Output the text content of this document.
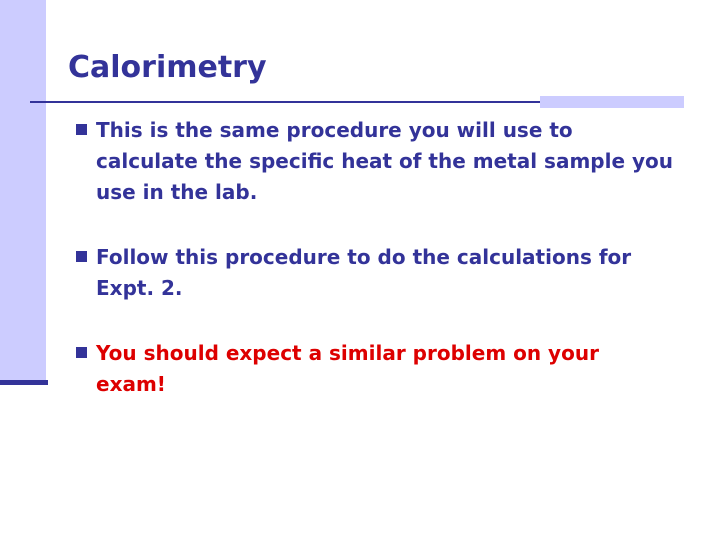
Calorimetry
This is the same procedure you will use to calculate the specific heat of the metal sample you use in the lab.
Follow this procedure to do the calculations for Expt. 2.
You should expect a similar problem on your exam!
